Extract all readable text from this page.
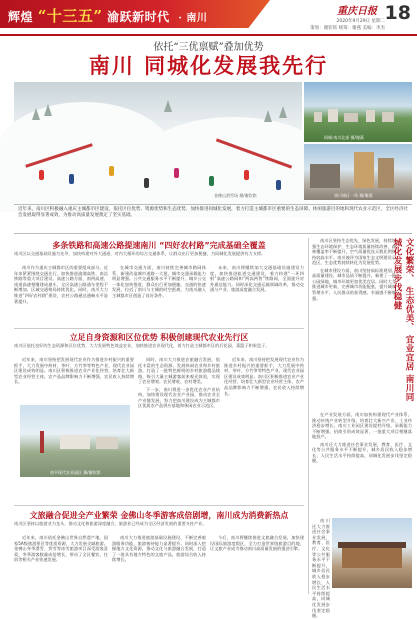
辉煌 “十三五” 渝跃新时代 · 南川
重庆日报 18
2020年9月29日 星期二
策划：谢钦铭 统筹：谢燕 美编：李杰
依托“三优禀赋”叠加优势
南川 同城化发展我先行
金佛山滑雪场 摄/谢钦铭
同城·南川北部 摄/谢燕
南川城区一角 摄/谢燕
近年来，南川区积极融入重庆主城都市区建设，依托区位优势、资源优势和生态优势，加快推进同城化发展，着力打造主城都市区重要的生态屏障、休闲旅游目的地和现代农业示范区，全区经济社会发展取得显著成效，为推动高质量发展奠定了坚实基础。
多条铁路和高速公路提速南川 “四好农村路”完成基础全覆盖
南川区以交通基础设施为先导，加快构建对外大通道、对内大循环的综合交通体系，让群众出行更加便捷，为同城化发展提供有力支撑。

南川作为重庆主城都市区的重要组成部分，近年来紧紧围绕交通先行，加快推进渝湘高铁、南涪铁路等重大项目建设。高速公路方面，南两高速、南道高速相继建成通车，全区高速公路通车里程不断增加，区域交通格局持续优化。同时，南川大力推进“四好农村路”建设，农村公路通达通畅水平显著提升。

在城市交通方面，南川持续完善城市路网体系，新建改造城市道路一大批，城市交通承载能力明显增强。公共交通服务水平不断提升，城乡公交一体化加快推进，群众出行更加便捷。交通的快速发展，拉近了南川与主城的时空距离，为南川融入主城都市区创造了良好条件。

未来，南川将继续加大交通基础设施建设力度，加快推进轨道交通建设，着力构建“一环四射”高速公路网和“两高两普”铁路网，全面提升对外通达能力。同时深化交通运输领域改革，推动交通与产业、旅游深度融合发展。

立足自身资源和区位优势 积极创建现代农业先行区
南川区依托良好的生态资源和区位优势，大力发展特色效益农业，加快推进农业现代化，着力打造主城都市区的后花园、菜篮子和果盘子。

近年来，南川坚持把发展现代农业作为推进乡村振兴的重要抓手，大力发展中药材、茶叶、方竹笋等特色产业，现代农业园区建设成效明显。南川区积极推进农业产业化经营，培育壮大新型农业经营主体，农产品品牌影响力不断增强，农民收入持续增长。

同时，南川大力推进农旅融合发展，依托丰富的生态资源，发展休闲农业和乡村旅游，打造了一批特色鲜明的乡村旅游精品线路，吸引大量主城游客前来观光体验，实现了农业增效、农民增收、农村增美。

下一步，南川将进一步优化农业产业结构，加快建设现代农业产业园，推动农业全产业链发展，努力把南川建设成为主城都市区优质农产品供应基地和休闲农业示范区。

近年来，南川坚持把发展现代农业作为推进乡村振兴的重要抓手，大力发展中药材、茶叶、方竹笋等特色产业，现代农业园区建设成效明显。南川区积极推进农业产业化经营，培育壮大新型农业经营主体，农产品品牌影响力不断增强，农民收入持续增长。

南平现代农业园区 摄/谢钦铭
文旅融合促进全产业繁荣 金佛山冬季游客成倍剧增，南川成为消费新热点
南川区坚持以旅游业为龙头，推动文化和旅游深度融合，旅游业已经成为全区经济发展的重要支柱产业。

近年来，南川依托金佛山世界自然遗产地、国家5A级旅游景区等优质资源，大力发展全域旅游。金佛山冬季滑雪、赏雪等冰雪旅游项目深受游客喜爱，冬季游客数量成倍增长，带动了全区餐饮、住宿等相关产业快速发展。

南川大力推进旅游基础设施建设，不断完善旅游服务功能，旅游接待能力显著提升。同时深入挖掘地方文化资源，推动文化与旅游融合发展，打造了一批具有地方特色的文旅产品，旅游综合收入持续增长。

今后，南川将继续推进文旅融合发展，加快建设国际旅游度假区，全力打造世界级旅游目的地，让文旅产业成为推动南川高质量发展的强劲引擎。

南川区坚持生态优先、绿色发展，持续加强生态环境保护，生态环境质量持续改善，森林覆盖率不断提升，空气质量优良天数比例保持较高水平。南川被评为国家生态文明建设示范区，生态优势持续转化为发展优势。

在城市建设方面，南川坚持高标准规划、高质量建设，城市品质不断提升。新建了一批公园绿地，城市环境更加优美宜居。同时大力推进城市更新，完善城市功能配套，提升城市管理水平，人民群众的获得感、幸福感不断增强。	文化繁荣、 生态优美、 宜业宜居 南川同城化发展步伐稳健

在产业发展方面，南川加快构建现代产业体系，推动传统产业转型升级，培育壮大新兴产业，工业经济稳步增长。南川工业园区建设提档升级，承载能力不断增强，招商引资成效显著，一批重大项目相继落地投产。

南川还大力推进社会事业发展，教育、医疗、文化等公共服务水平不断提升，城乡居民收入稳步增长，人民生活水平持续提高，同城化发展步伐坚定稳健。

南川还大力推进社会事业发展，教育、医疗、文化等公共服务水平不断提升，城乡居民收入稳步增长，人民生活水平持续提高，同城化发展步伐坚定稳健。
